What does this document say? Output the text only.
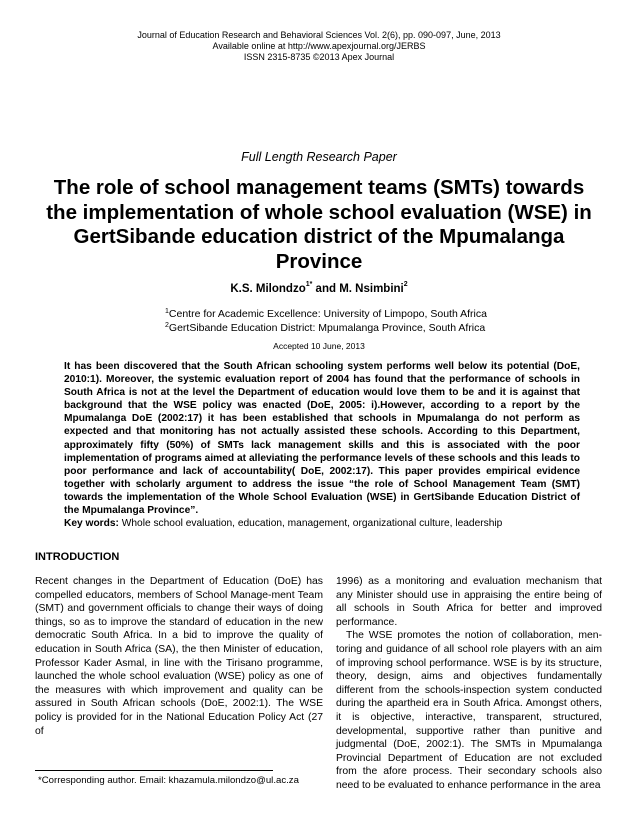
Journal of Education Research and Behavioral Sciences Vol. 2(6), pp. 090-097, June, 2013
Available online at http://www.apexjournal.org/JERBS
ISSN 2315-8735 ©2013 Apex Journal
Full Length Research Paper
The role of school management teams (SMTs) towards
the implementation of whole school evaluation (WSE) in
GertSibande education district of the Mpumalanga
Province
K.S. Milondzo$^{1*}$ and M. Nsimbini$^2$
$^1$Centre for Academic Excellence: University of Limpopo, South Africa
$^2$GertSibande Education District: Mpumalanga Province, South Africa
Accepted 10 June, 2013
It has been discovered that the South African schooling system performs well below its potential (DoE, 2010:1). Moreover, the systemic evaluation report of 2004 has found that the performance of schools in South Africa is not at the level the Department of education would love them to be and it is against that background that the WSE policy was enacted (DoE, 2005: i).However, according to a report by the Mpumalanga DoE (2002:17) it has been established that schools in Mpumalanga do not perform as expected and that monitoring has not actually assisted these schools. According to this Department, approximately fifty (50%) of SMTs lack management skills and this is associated with the poor implementation of programs aimed at alleviating the performance levels of these schools and this leads to poor performance and lack of accountability( DoE, 2002:17). This paper provides empirical evidence together with scholarly argument to address the issue “the role of School Management Team (SMT) towards the implementation of the Whole School Evaluation (WSE) in GertSibande Education District of the Mpumalanga Province”.
Key words: Whole school evaluation, education, management, organizational culture, leadership
INTRODUCTION
Recent changes in the Department of Education (DoE) has compelled educators, members of School Manage-ment Team (SMT) and government officials to change their ways of doing things, so as to improve the standard of education in the new democratic South Africa. In a bid to improve the quality of education in South Africa (SA), the then Minister of education, Professor Kader Asmal, in line with the Tirisano programme, launched the whole school evaluation (WSE) policy as one of the measures with which improvement and quality can be assured in South African schools (DoE, 2002:1). The WSE policy is provided for in the National Education Policy Act (27 of

1996) as a monitoring and evaluation mechanism that any Minister should use in appraising the entire being of all schools in South Africa for better and improved performance.

The WSE promotes the notion of collaboration, men-toring and guidance of all school role players with an aim of improving school performance. WSE is by its structure, theory, design, aims and objectives fundamentally different from the schools-inspection system conducted during the apartheid era in South Africa. Amongst others, it is objective, interactive, transparent, structured, developmental, supportive rather than punitive and judgmental (DoE, 2002:1). The SMTs in Mpumalanga Provincial Department of Education are not excluded from the afore process. Their secondary schools also need to be evaluated to enhance performance in the area

*Corresponding author. Email: khazamula.milondzo@ul.ac.za
